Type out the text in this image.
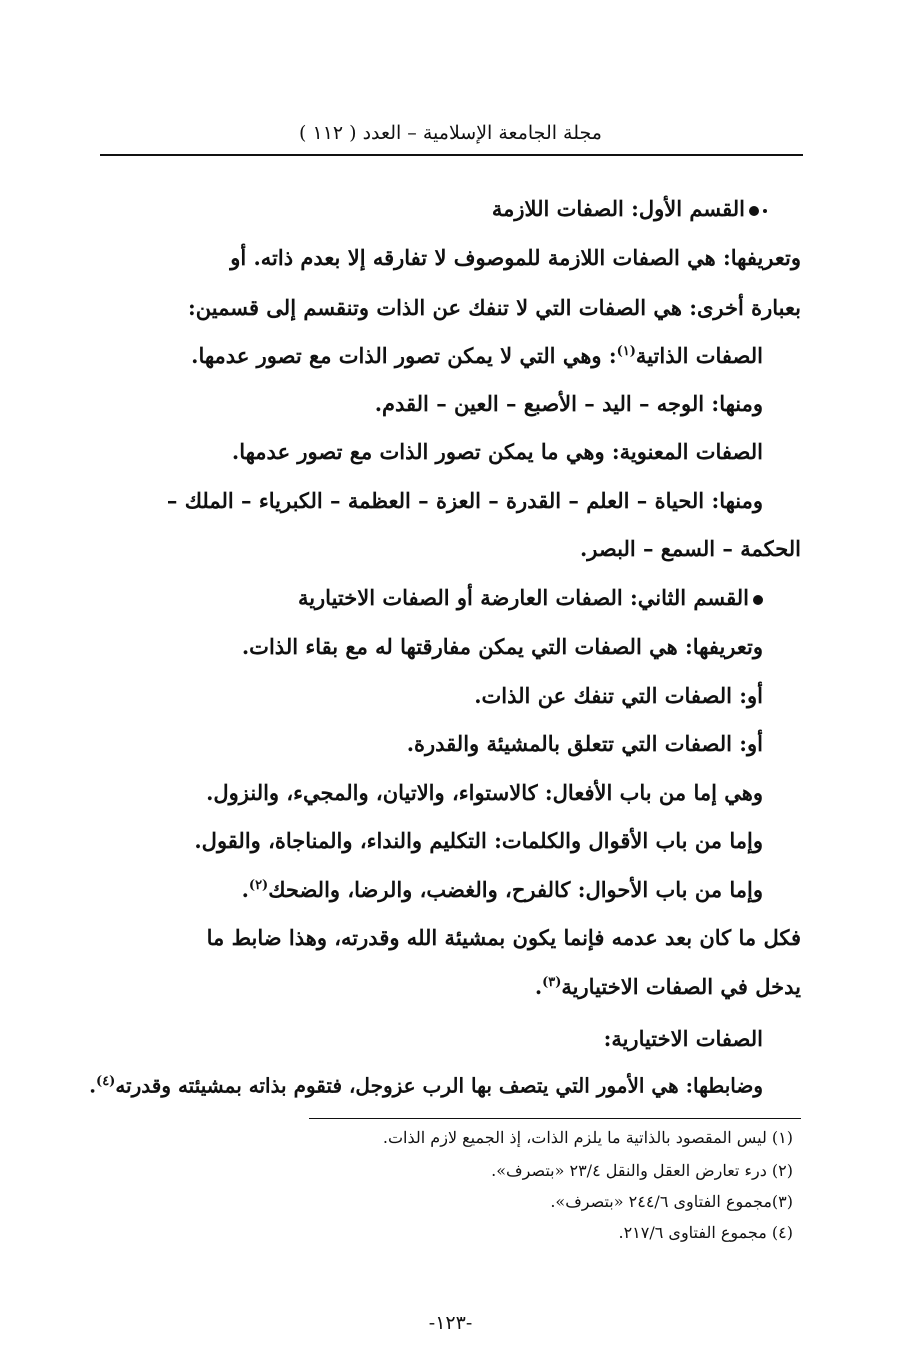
مجلة الجامعة الإسلامية – العدد ( ١١٢ )
القسم الأول: الصفات اللازمة
وتعريفها: هي الصفات اللازمة للموصوف لا تفارقه إلا بعدم ذاته. أو
بعبارة أخرى: هي الصفات التي لا تنفك عن الذات وتنقسم إلى قسمين:
الصفات الذاتية$^{(١)}$: وهي التي لا يمكن تصور الذات مع تصور عدمها.
ومنها: الوجه – اليد – الأصبع – العين – القدم.
الصفات المعنوية: وهي ما يمكن تصور الذات مع تصور عدمها.
ومنها: الحياة – العلم – القدرة – العزة – العظمة – الكبرياء – الملك –
الحكمة – السمع – البصر.
القسم الثاني: الصفات العارضة أو الصفات الاختيارية
وتعريفها: هي الصفات التي يمكن مفارقتها له مع بقاء الذات.
أو: الصفات التي تنفك عن الذات.
أو: الصفات التي تتعلق بالمشيئة والقدرة.
وهي إما من باب الأفعال: كالاستواء، والاتيان، والمجيء، والنزول.
وإما من باب الأقوال والكلمات: التكليم والنداء، والمناجاة، والقول.
وإما من باب الأحوال: كالفرح، والغضب، والرضا، والضحك$^{(٢)}$.
فكل ما كان بعد عدمه فإنما يكون بمشيئة الله وقدرته، وهذا ضابط ما
يدخل في الصفات الاختيارية$^{(٣)}$.
الصفات الاختيارية:
وضابطها: هي الأمور التي يتصف بها الرب عزوجل، فتقوم بذاته بمشيئته وقدرته$^{(٤)}$.
(١) ليس المقصود بالذاتية ما يلزم الذات، إذ الجميع لازم الذات.
(٢) درء تعارض العقل والنقل ٢٣/٤ «بتصرف».
(٣)مجموع الفتاوى ٢٤٤/٦ «بتصرف».
(٤) مجموع الفتاوى ٢١٧/٦.
-١٢٣-
